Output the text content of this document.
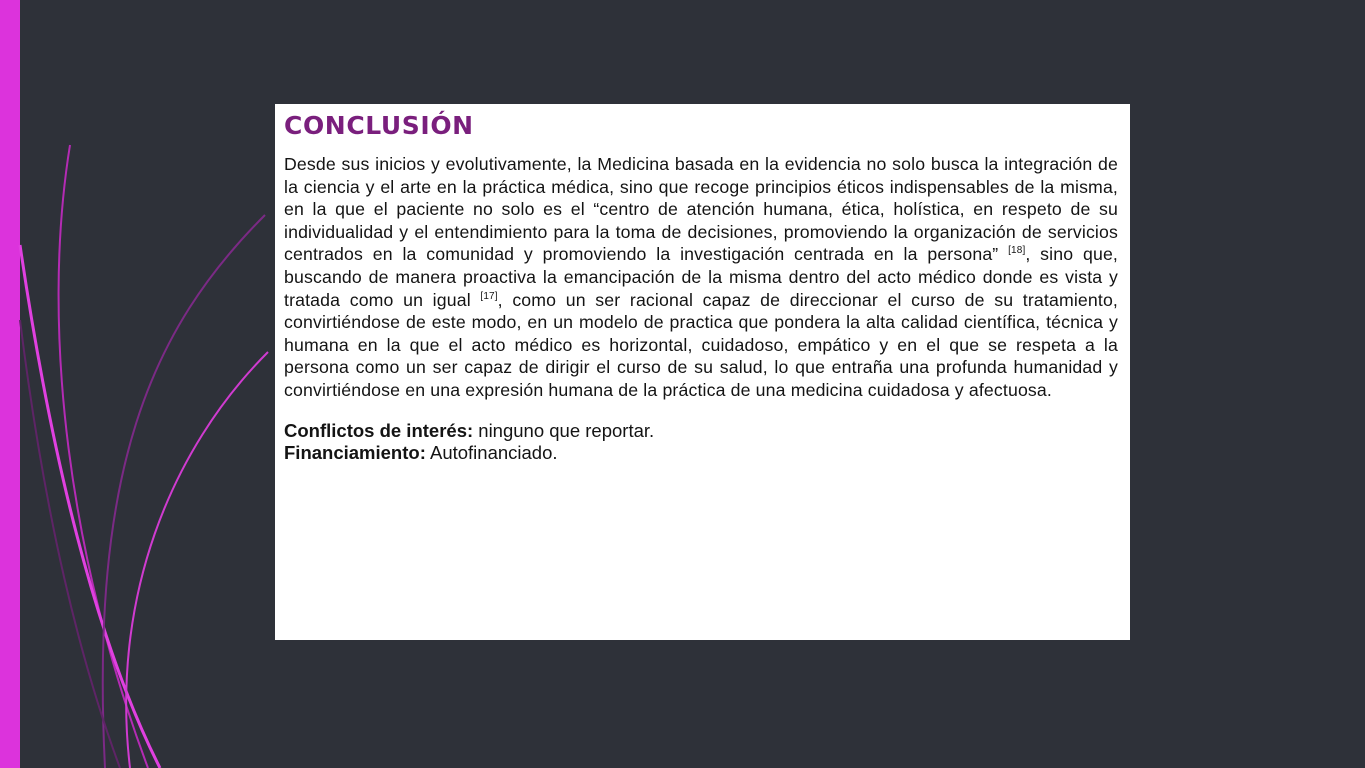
CONCLUSIÓN

Desde sus inicios y evolutivamente, la Medicina basada en la evidencia no solo busca la integración de la ciencia y el arte en la práctica médica, sino que recoge principios éticos indispensables de la misma, en la que el paciente no solo es el “centro de atención humana, ética, holística, en respeto de su individualidad y el entendimiento para la toma de decisiones, promoviendo la organización de servicios centrados en la comunidad y promoviendo la investigación centrada en la persona” [18], sino que, buscando de manera proactiva la emancipación de la misma dentro del acto médico donde es vista y tratada como un igual [17], como un ser racional capaz de direccionar el curso de su tratamiento, convirtiéndose de este modo, en un modelo de practica que pondera la alta calidad científica, técnica y humana en la que el acto médico es horizontal, cuidadoso, empático y en el que se respeta a la persona como un ser capaz de dirigir el curso de su salud, lo que entraña una profunda humanidad y convirtiéndose en una expresión humana de la práctica de una medicina cuidadosa y afectuosa.

Conflictos de interés: ninguno que reportar.
Financiamiento: Autofinanciado.
